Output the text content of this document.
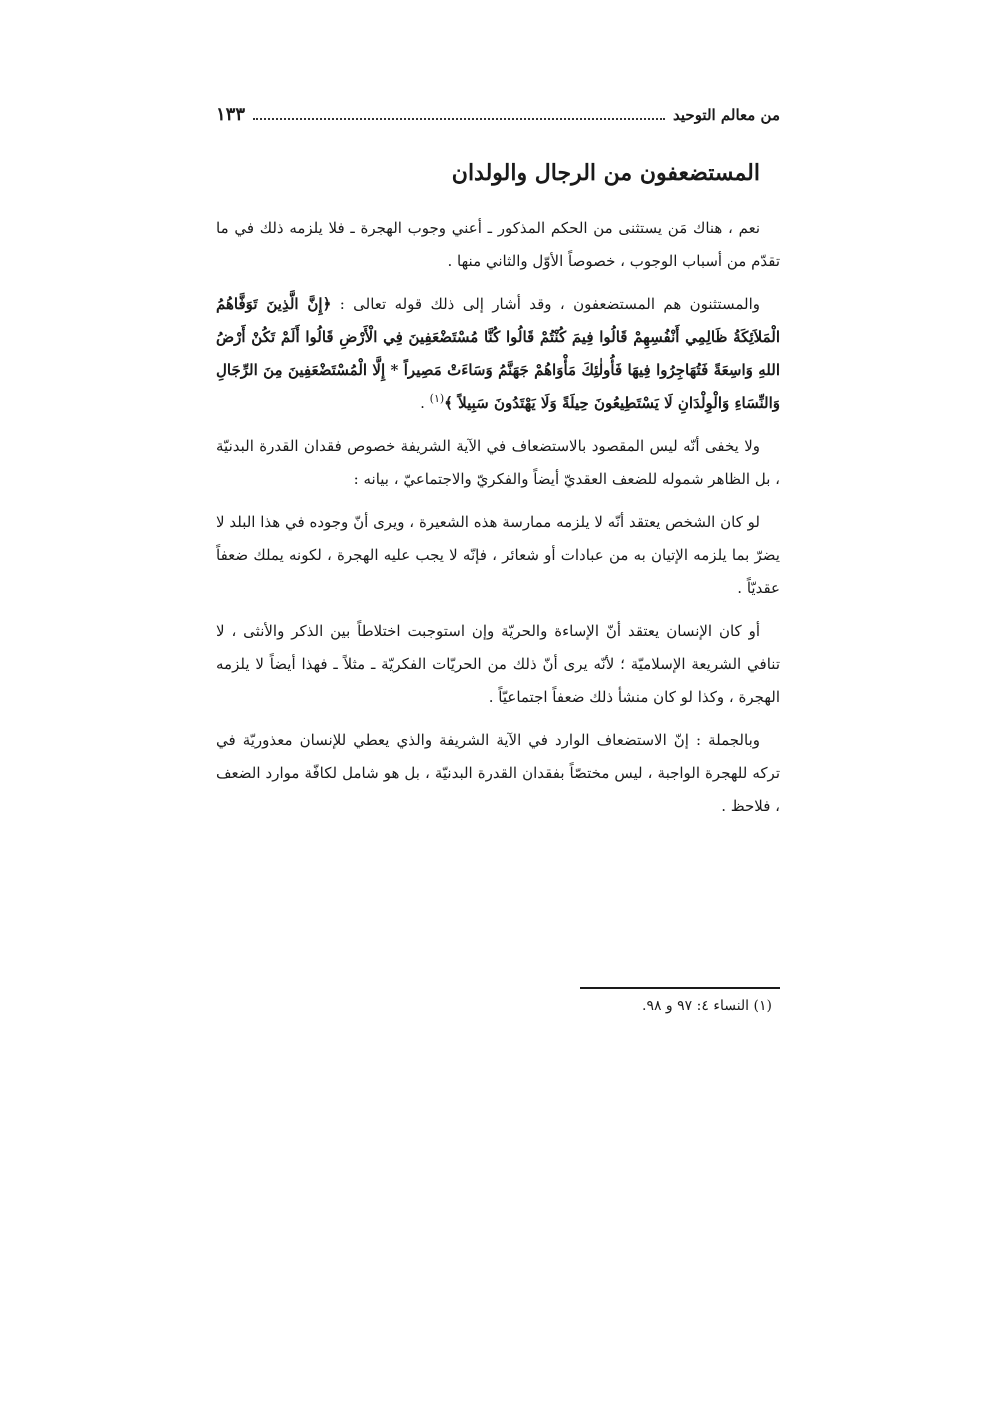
من معالم التوحيد
١٣٣
المستضعفون من الرجال والولدان

نعم ، هناك مَن يستثنى من الحكم المذكور ـ أعني وجوب الهجرة ـ فلا يلزمه ذلك في ما تقدّم من أسباب الوجوب ، خصوصاً الأوّل والثاني منها .

والمستثنون هم المستضعفون ، وقد أشار إلى ذلك قوله تعالى : ﴿إِنَّ الَّذِينَ تَوَفَّاهُمُ الْمَلاَئِكَةُ ظَالِمِي أَنْفُسِهِمْ قَالُوا فِيمَ كُنْتُمْ قَالُوا كُنَّا مُسْتَضْعَفِينَ فِي الْأَرْضِ قَالُوا أَلَمْ تَكُنْ أَرْضُ اللهِ وَاسِعَةً فَتُهَاجِرُوا فِيهَا فَأُولٰئِكَ مَأْوَاهُمْ جَهَنَّمُ وَسَاءَتْ مَصِيراً * إِلَّا الْمُسْتَضْعَفِينَ مِنَ الرِّجَالِ وَالنِّسَاءِ وَالْوِلْدَانِ لَا يَسْتَطِيعُونَ حِيلَةً وَلَا يَهْتَدُونَ سَبِيلاً ﴾$^{(١)}$ .

ولا يخفى أنّه ليس المقصود بالاستضعاف في الآية الشريفة خصوص فقدان القدرة البدنيّة ، بل الظاهر شموله للضعف العقديّ أيضاً والفكريّ والاجتماعيّ ، بيانه :

لو كان الشخص يعتقد أنّه لا يلزمه ممارسة هذه الشعيرة ، ويرى أنّ وجوده في هذا البلد لا يضرّ بما يلزمه الإتيان به من عبادات أو شعائر ، فإنّه لا يجب عليه الهجرة ، لكونه يملك ضعفاً عقديّاً .

أو كان الإنسان يعتقد أنّ الإساءة والحريّة وإن استوجبت اختلاطاً بين الذكر والأنثى ، لا تنافي الشريعة الإسلاميّة ؛ لأنّه يرى أنّ ذلك من الحريّات الفكريّة ـ مثلاً ـ فهذا أيضاً لا يلزمه الهجرة ، وكذا لو كان منشأ ذلك ضعفاً اجتماعيّاً .

وبالجملة : إنّ الاستضعاف الوارد في الآية الشريفة والذي يعطي للإنسان معذوريّة في تركه للهجرة الواجبة ، ليس مختصّاً بفقدان القدرة البدنيّة ، بل هو شامل لكافّة موارد الضعف ، فلاحظ .

(١) النساء ٤: ٩٧ و ٩٨.
